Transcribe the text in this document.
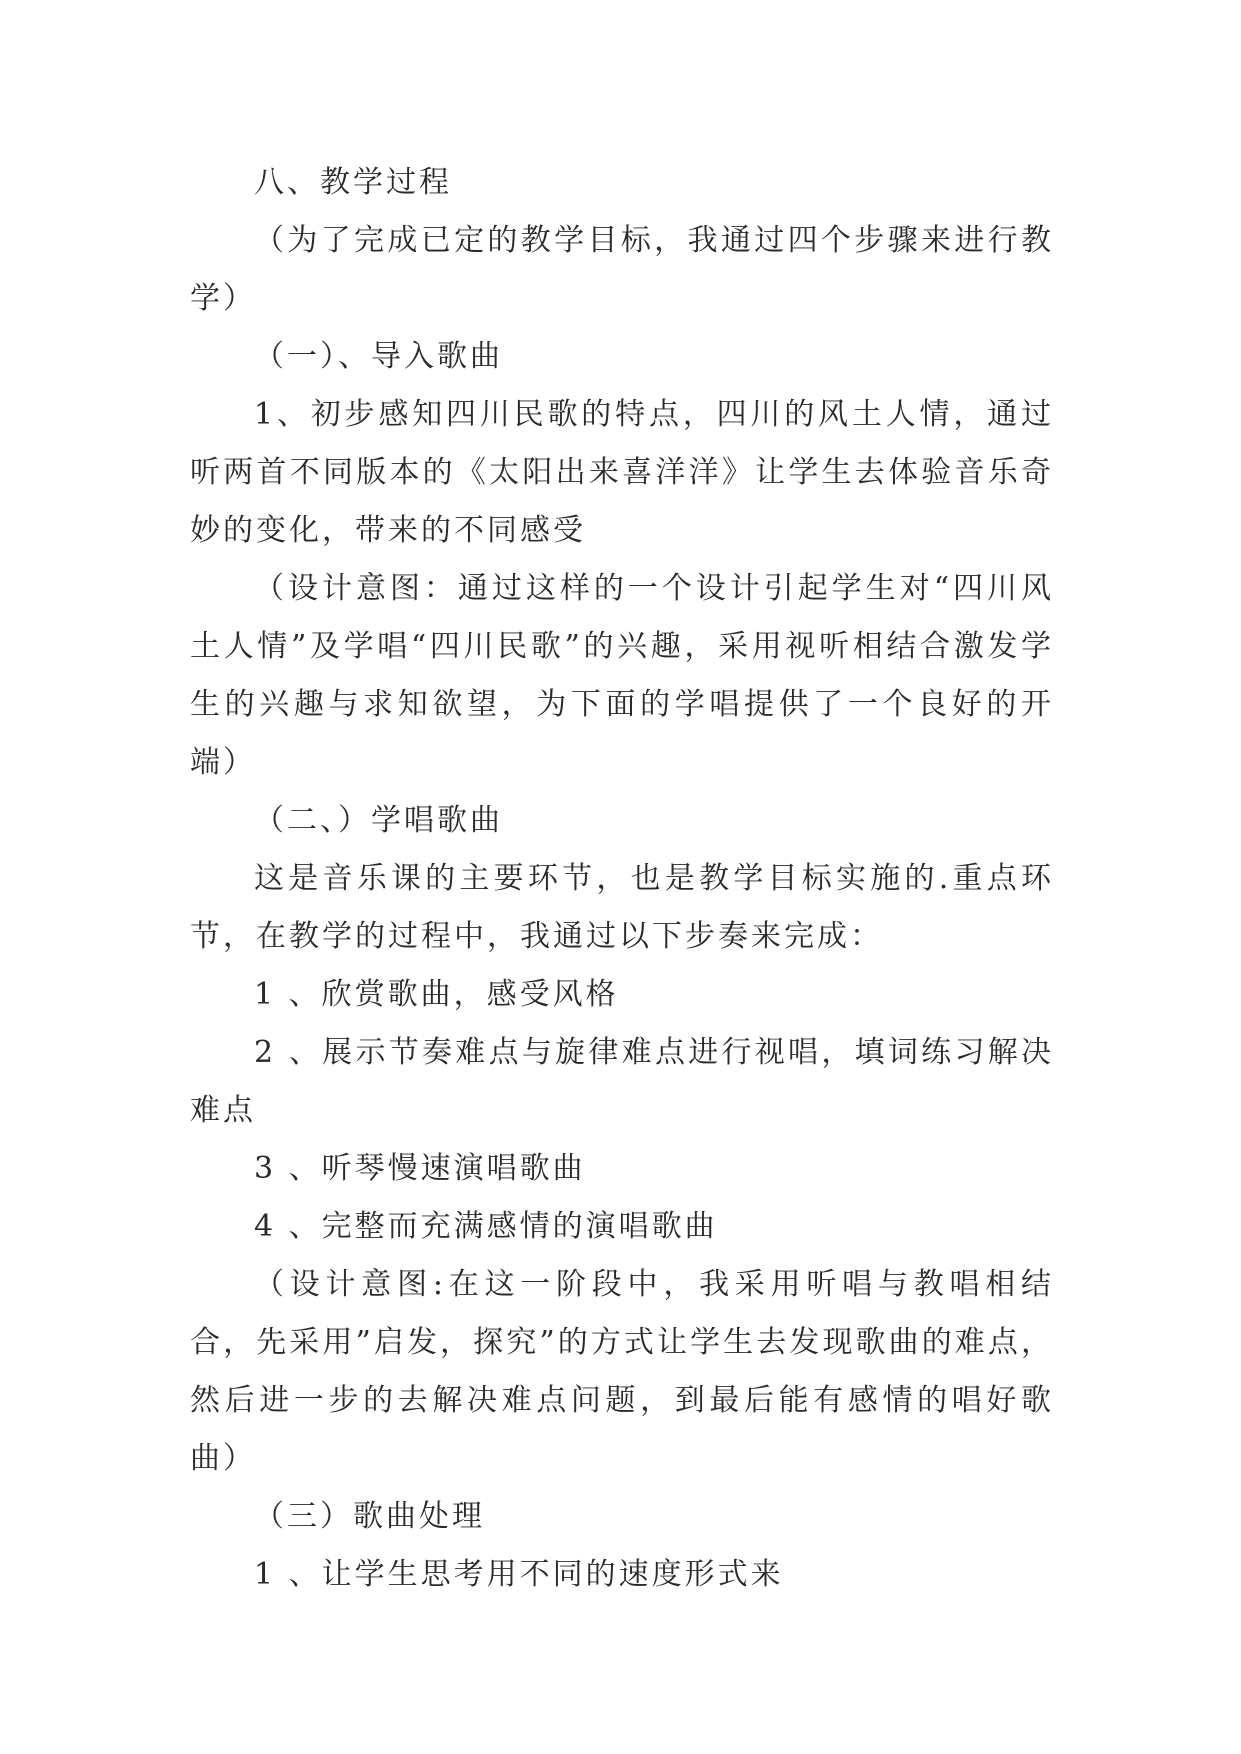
八、教学过程

（为了完成已定的教学目标，我通过四个步骤来进行教学）

（一）、导入歌曲

1、初步感知四川民歌的特点，四川的风土人情，通过听两首不同版本的《太阳出来喜洋洋》让学生去体验音乐奇妙的变化，带来的不同感受

（设计意图：通过这样的一个设计引起学生对“四川风土人情”及学唱“四川民歌”的兴趣，采用视听相结合激发学生的兴趣与求知欲望，为下面的学唱提供了一个良好的开端）

（二、）学唱歌曲

这是音乐课的主要环节，也是教学目标实施的.重点环节，在教学的过程中，我通过以下步奏来完成：

1 、欣赏歌曲，感受风格

2 、展示节奏难点与旋律难点进行视唱，填词练习解决难点

3 、听琴慢速演唱歌曲

4 、完整而充满感情的演唱歌曲

（设计意图:在这一阶段中，我采用听唱与教唱相结合，先采用”启发，探究”的方式让学生去发现歌曲的难点，然后进一步的去解决难点问题，到最后能有感情的唱好歌曲）

（三）歌曲处理

1 、让学生思考用不同的速度形式来
